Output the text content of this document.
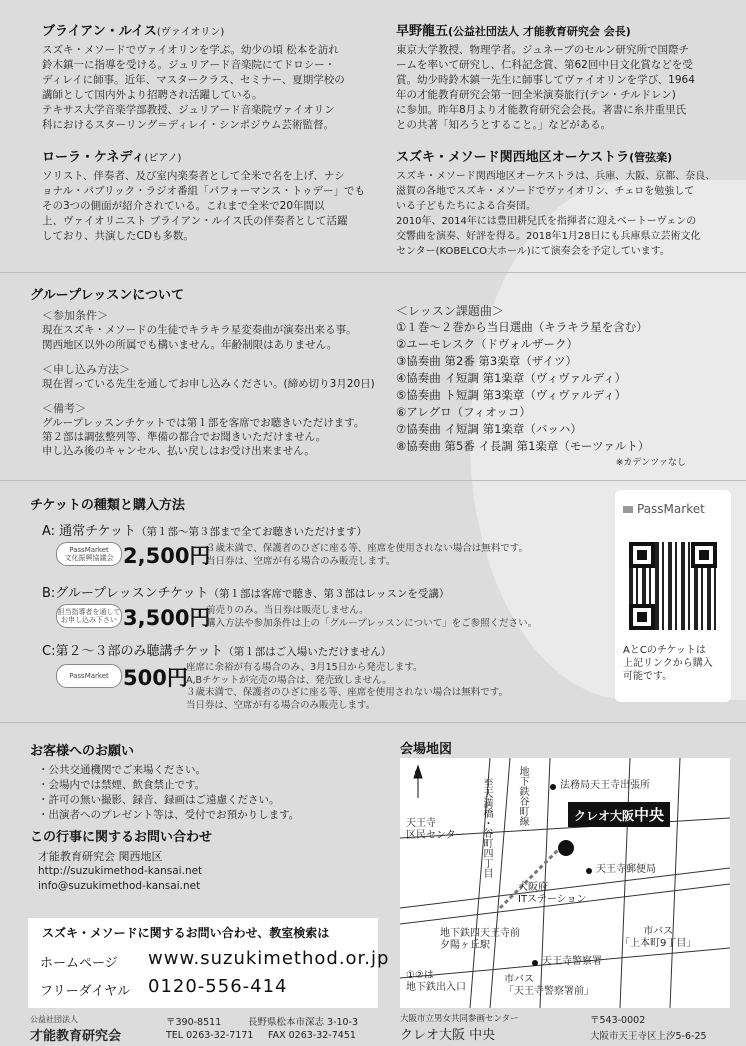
ブライアン・ルイス(ヴァイオリン)
スズキ・メソードでヴァイオリンを学ぶ。幼少の頃 松本を訪れ
鈴木鎮一に指導を受ける。ジュリアード音楽院にてドロシー・
ディレイに師事。近年、マスタークラス、セミナー、夏期学校の
講師として国内外より招聘され活躍している。
テキサス大学音楽学部教授、ジュリアード音楽院ヴァイオリン
科におけるスターリング＝ディレイ・シンポジウム芸術監督。
ローラ・ケネディ(ピアノ)
ソリスト、伴奏者、及び室内楽奏者として全米で名を上げ、ナシ
ョナル・パブリック・ラジオ番組「パフォーマンス・トゥデー」でも
その3つの側面が紹介されている。これまで全米で20年間以
上、ヴァイオリニスト ブライアン・ルイス氏の伴奏者として活躍
しており、共演したCDも多数。
早野龍五(公益社団法人 才能教育研究会 会長)
東京大学教授、物理学者。ジュネーブのセルン研究所で国際チ
ームを率いて研究し、仁科記念賞、第62回中日文化賞などを受
賞。幼少時鈴木鎮一先生に師事してヴァイオリンを学び、1964
年の才能教育研究会第一回全米演奏旅行(テン・チルドレン)
に参加。昨年8月より才能教育研究会会長。著書に糸井重里氏
との共著「知ろうとすること。」などがある。
スズキ・メソード関西地区オーケストラ(管弦楽)
スズキ・メソード関西地区オーケストラは、兵庫、大阪、京都、奈良、
滋賀の各地でスズキ・メソードでヴァイオリン、チェロを勉強して
いる子どもたちによる合奏団。
2010年、2014年には豊田耕兒氏を指揮者に迎えベートーヴェンの
交響曲を演奏、好評を得る。2018年1月28日にも兵庫県立芸術文化
センター(KOBELCO大ホール)にて演奏会を予定しています。
グループレッスンについて
＜参加条件＞
現在スズキ・メソードの生徒でキラキラ星変奏曲が演奏出来る事。
関西地区以外の所属でも構いません。年齢制限はありません。
＜申し込み方法＞
現在習っている先生を通してお申し込みください。(締め切り3月20日)
＜備考＞
グループレッスンチケットでは第１部を客席でお聴きいただけます。
第２部は調弦整列等、準備の都合でお聞きいただけません。
申し込み後のキャンセル、払い戻しはお受け出来ません。
＜レッスン課題曲＞
①１巻～２巻から当日選曲（キラキラ星を含む）
②ユーモレスク（ドヴォルザーク）
③協奏曲 第2番 第3楽章（ザイツ）
④協奏曲 イ短調 第1楽章（ヴィヴァルディ）
⑤協奏曲 ト短調 第3楽章（ヴィヴァルディ）
⑥アレグロ（フィオッコ）
⑦協奏曲 イ短調 第1楽章（バッハ）
⑧協奏曲 第5番 イ長調 第1楽章（モーツァルト）
※カデンツァなし
チケットの種類と購入方法
A: 通常チケット（第１部～第３部まで全てお聴きいただけます）
PassMarket
文化振興協議会 2,500円
３歳未満で、保護者のひざに座る等、座席を使用されない場合は無料です。
当日券は、空席が有る場合のみ販売します。
B:グループレッスンチケット（第１部は客席で聴き、第３部はレッスンを受講）
担当指導者を通して
お申し込み下さい 3,500円
前売りのみ。当日券は販売しません。
購入方法や参加条件は上の「グループレッスンについて」をご参照ください。
C:第２～３部のみ聴講チケット（第１部はご入場いただけません）
PassMarket 500円
座席に余裕が有る場合のみ、3月15日から発売します。
A,Bチケットが完売の場合は、発売致しません。
３歳未満で、保護者のひざに座る等、座席を使用されない場合は無料です。
当日券は、空席が有る場合のみ販売します。
PassMarket
AとCのチケットは
上記リンクから購入
可能です。
お客様へのお願い
・公共交通機関でご来場ください。
・会場内では禁煙、飲食禁止です。
・許可の無い撮影、録音、録画はご遠慮ください。
・出演者へのプレゼント等は、受付でお預かりします。
この行事に関するお問い合わせ
才能教育研究会 関西地区
http://suzukimethod-kansai.net
info@suzukimethod-kansai.net
スズキ・メソードに関するお問い合わせ、教室検索は
ホームページ www.suzukimethod.or.jp
フリーダイヤル 0120-556-414
公益社団法人
才能教育研究会
〒390-8511	長野県松本市深志 3-10-3
TEL 0263-32-7171 FAX 0263-32-7451
会場地図
N	地下鉄谷町線
至天満橋・谷町四丁目	法務局天王寺出張所
クレオ大阪中央
天王寺
区民センター
天王寺郵便局
大阪府
ITステーション
地下鉄四天王寺前
夕陽ヶ丘駅
市バス
「上本町9丁目」
天王寺警察署
市バス
「天王寺警察署前」
①②は
地下鉄出入口
大阪市立男女共同参画センター
クレオ大阪 中央
〒543-0002
大阪市天王寺区上汐5-6-25
